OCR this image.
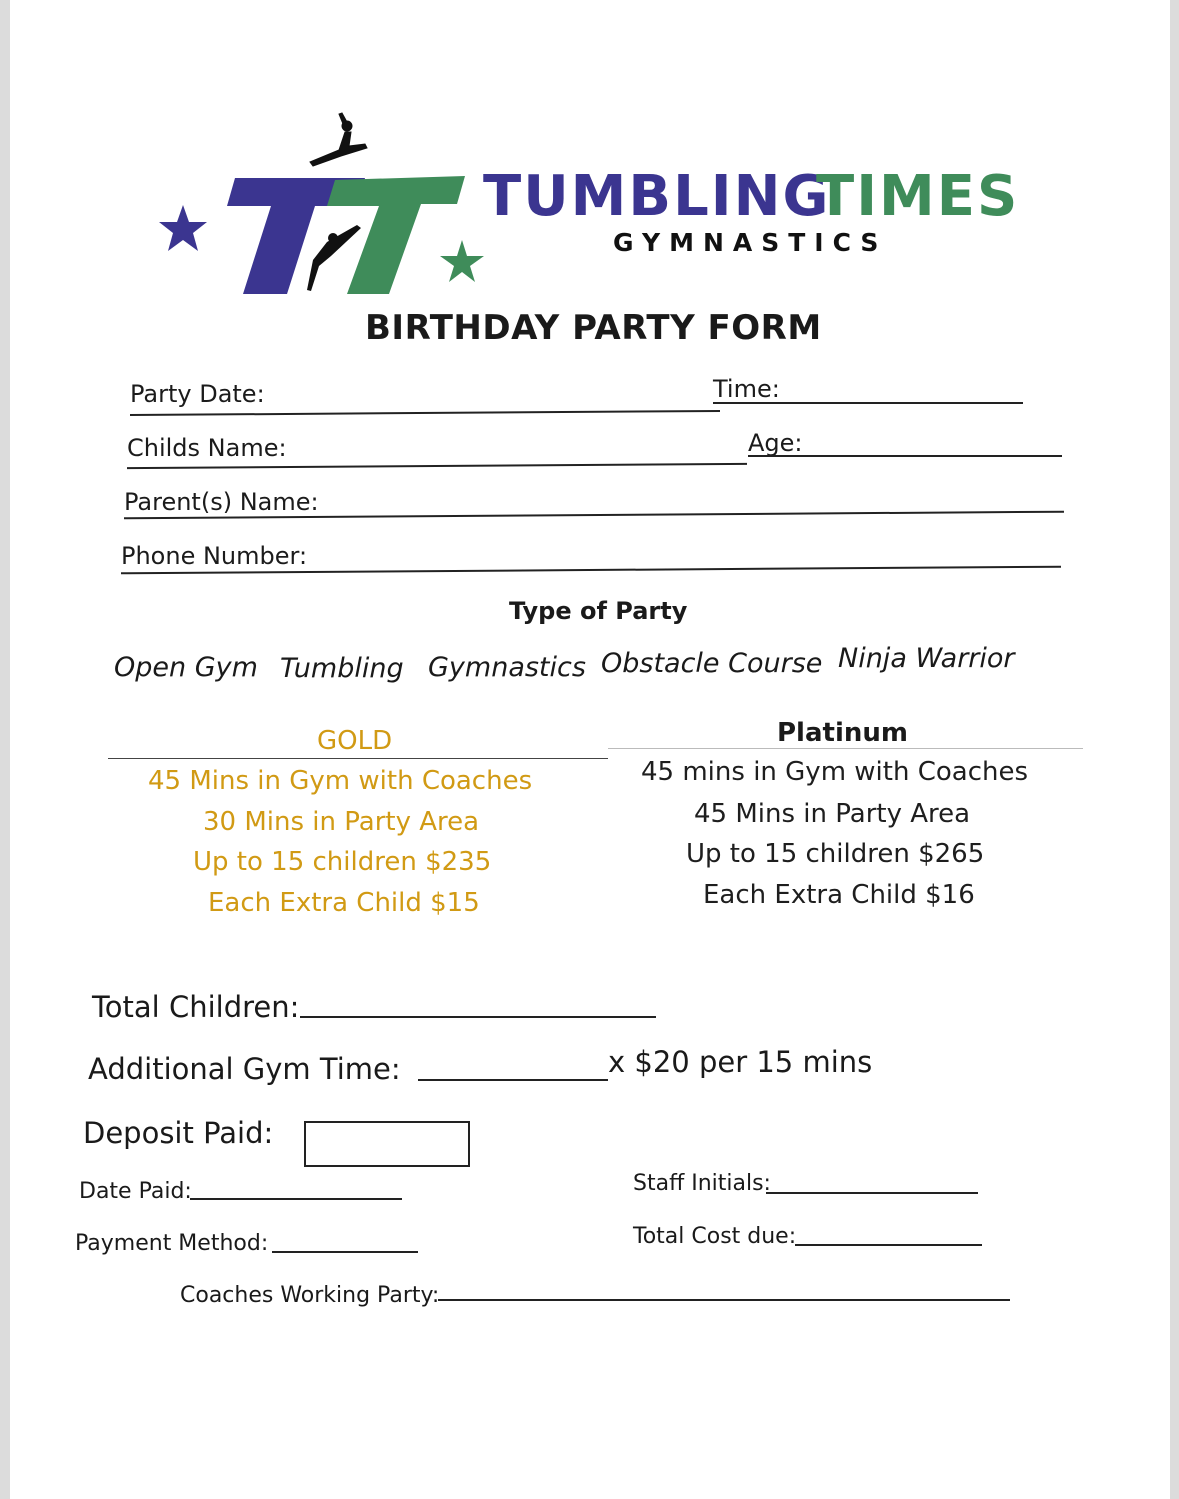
TUMBLING
TIMES
GYMNASTICS
BIRTHDAY PARTY FORM
Party Date:	Time:
Childs Name:	Age:
Parent(s) Name:
Phone Number:
Type of Party
Open Gym Tumbling Gymnastics Obstacle Course Ninja Warrior
GOLD
45 Mins in Gym with Coaches
30 Mins in Party Area
Up to 15 children $235
Each Extra Child $15
Platinum
45 mins in Gym with Coaches
45 Mins in Party Area
Up to 15 children $265
Each Extra Child $16
Total Children:
Additional Gym Time:	x $20 per 15 mins
Deposit Paid:
Date Paid:	Staff Initials:
Payment Method:	Total Cost due:
Coaches Working Party:
